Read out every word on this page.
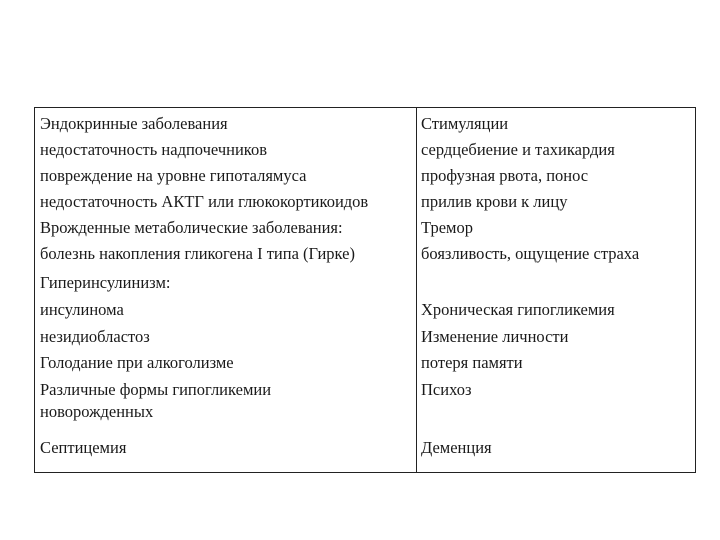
Эндокринные заболевания
недостаточность надпочечников
повреждение на уровне гипоталямуса
недостаточность АКТГ или глюкокортикоидов
Врожденные метаболические заболевания:
болезнь накопления гликогена I типа (Гирке)
Гиперинсулинизм:
инсулинома
незидиобластоз
Голодание при алкоголизме
Различные формы гипогликемии
новорожденных
Септицемия
Стимуляции
сердцебиение и тахикардия
профузная рвота, понос
прилив крови к лицу
Тремор
боязливость, ощущение страха
Хроническая гипогликемия
Изменение личности
потеря памяти
Психоз
Деменция
